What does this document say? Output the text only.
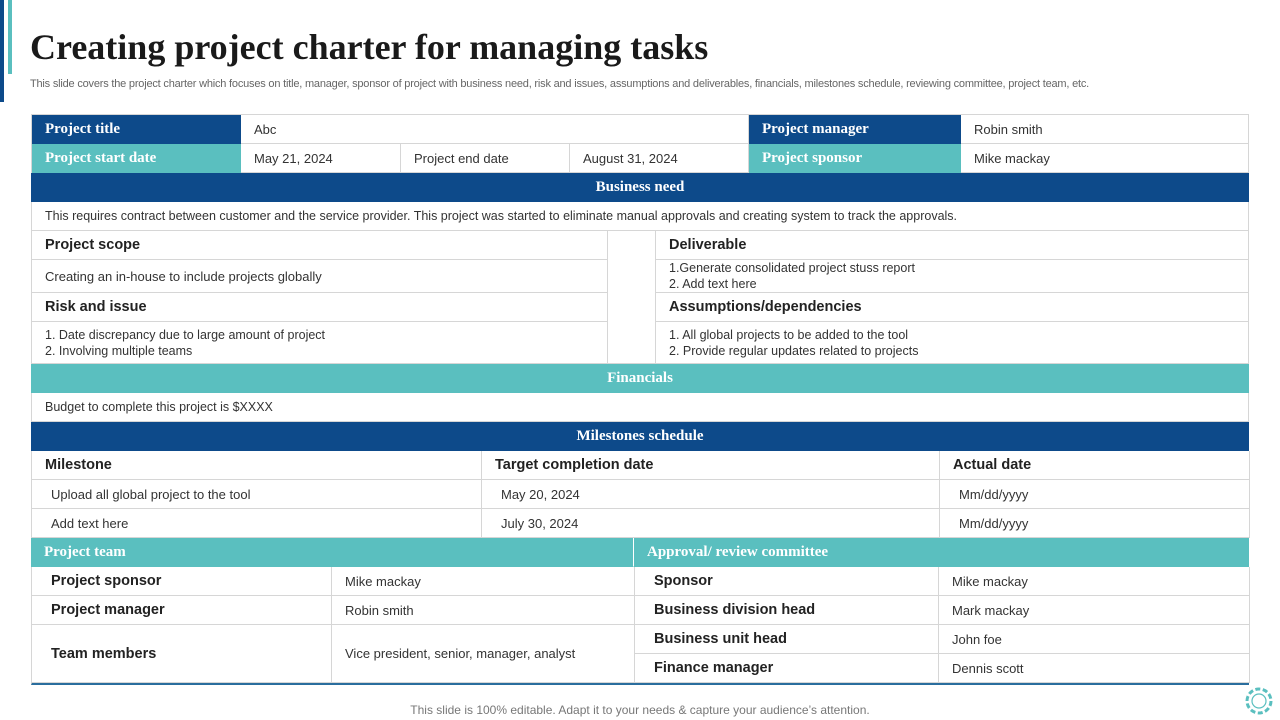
Creating project charter for managing tasks
This slide covers the project charter which focuses on title, manager, sponsor of project with business need, risk and issues, assumptions and deliverables, financials, milestones schedule, reviewing committee, project team, etc.
Project title	Abc	Project manager	Robin smith
Project start date	May 21, 2024	Project end date	August 31, 2024	Project sponsor	Mike mackay
Business need
This requires contract between customer and the service provider. This project was started to eliminate manual approvals and creating system to track the approvals.
Project scope	Deliverable
Creating an in-house to include projects globally
1.Generate consolidated project stuss report
2. Add text here
Risk and issue	Assumptions/dependencies
1. Date discrepancy due to large amount of project
2. Involving multiple teams
1. All global projects to be added to the tool
2. Provide regular updates related to projects
Financials
Budget to complete this project is $XXXX
Milestones schedule
Milestone	Target completion date	Actual date
Upload all global project to the tool	May 20, 2024	Mm/dd/yyyy
Add text here	July 30, 2024	Mm/dd/yyyy
Project team	Approval/ review committee
Project sponsor	Mike mackay	Sponsor	Mike mackay
Project manager	Robin smith	Business division head	Mark mackay
Team members	Vice president, senior, manager, analyst
Business unit head	John foe
Finance manager	Dennis scott
This slide is 100% editable. Adapt it to your needs & capture your audience’s attention.
